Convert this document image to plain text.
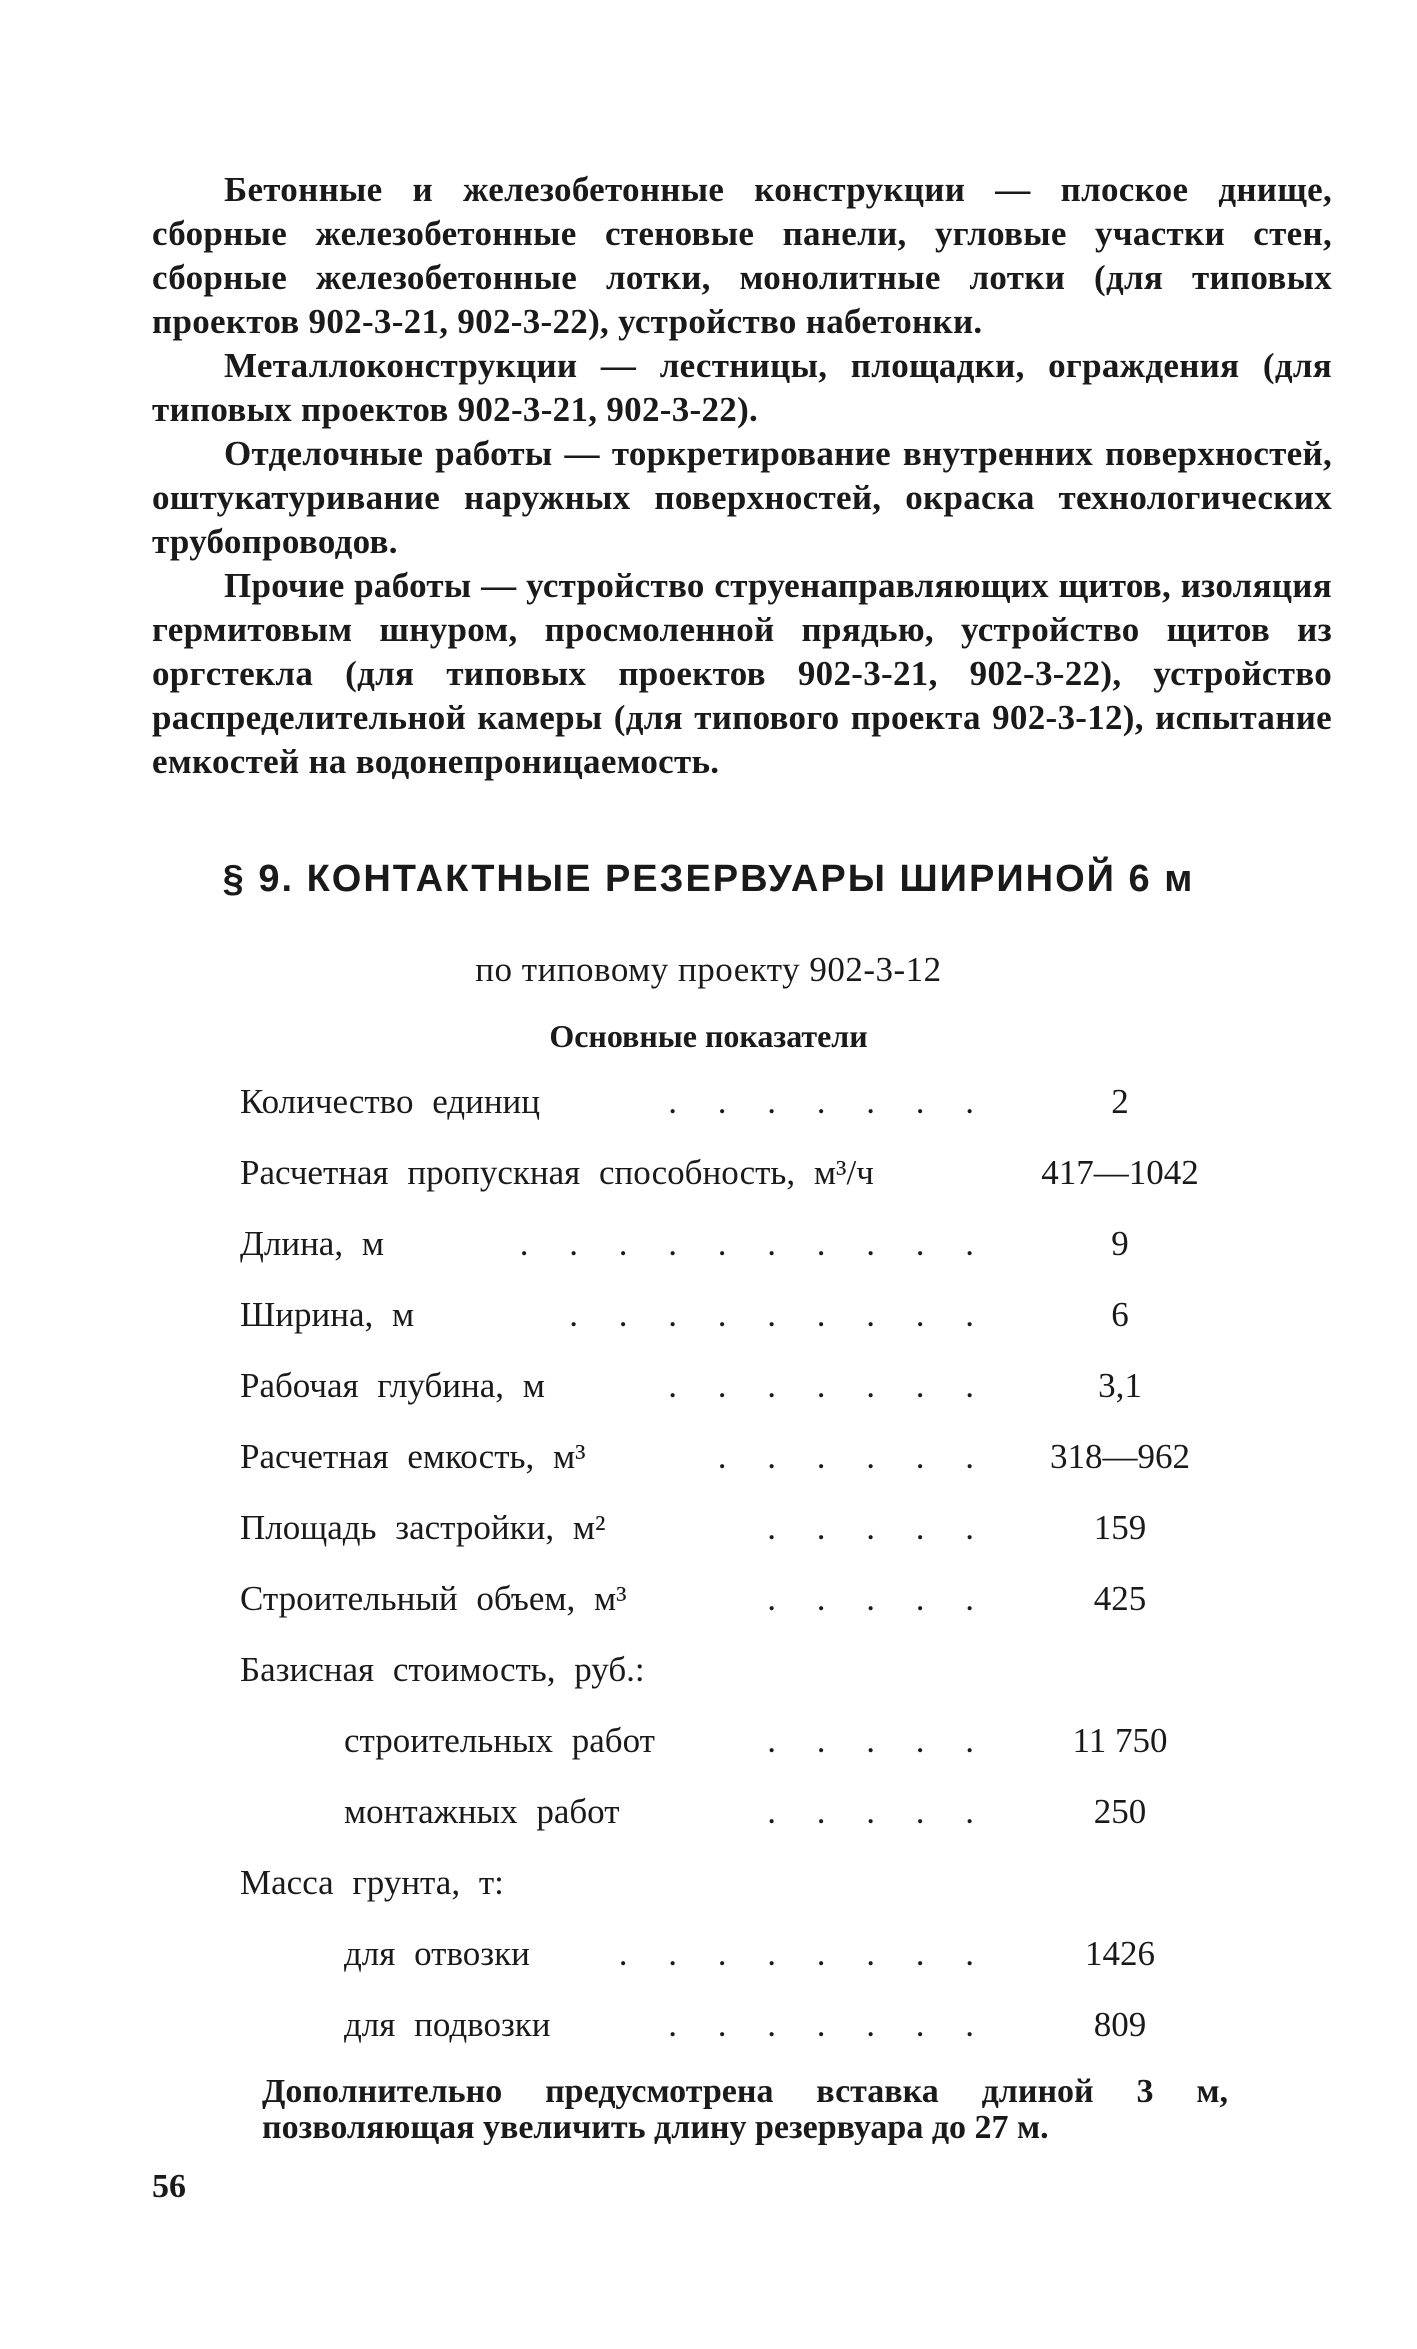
Бетонные и железобетонные конструкции — плоское днище, сборные железобетонные стеновые панели, угловые участки стен, сборные железобетонные лотки, монолитные лотки (для типовых проектов 902-3-21, 902-3-22), устройство набетонки.

Металлоконструкции — лестницы, площадки, ограждения (для типовых проектов 902-3-21, 902-3-22).

Отделочные работы — торкретирование внутренних поверхностей, оштукатуривание наружных поверхностей, окраска технологических трубопроводов.

Прочие работы — устройство струенаправляющих щитов, изоляция гермитовым шнуром, просмоленной прядью, устройство щитов из оргстекла (для типовых проектов 902-3-21, 902-3-22), устройство распределительной камеры (для типового проекта 902-3-12), испытание емкостей на водонепроницаемость.

§ 9. КОНТАКТНЫЕ РЕЗЕРВУАРЫ ШИРИНОЙ 6 м
по типовому проекту 902-3-12
Основные показатели
Количество единиц	. . . . . . .	2
Расчетная пропускная способность, м³/ч	417—1042
Длина, м	. . . . . . . . . .	9
Ширина, м	. . . . . . . . .	6
Рабочая глубина, м	. . . . . . .	3,1
Расчетная емкость, м³	. . . . . . 318—962
Площадь застройки, м²	. . . . .	159
Строительный объем, м³	. . . . .	425
Базисная стоимость, руб.:
строительных работ	. . . . .	11 750
монтажных работ	. . . . .	250
Масса грунта, т:
для отвозки	. . . . . . . .	1426
для подвозки	. . . . . . .	809
Дополнительно предусмотрена вставка длиной 3 м, позволяющая увеличить длину резервуара до 27 м.
56
